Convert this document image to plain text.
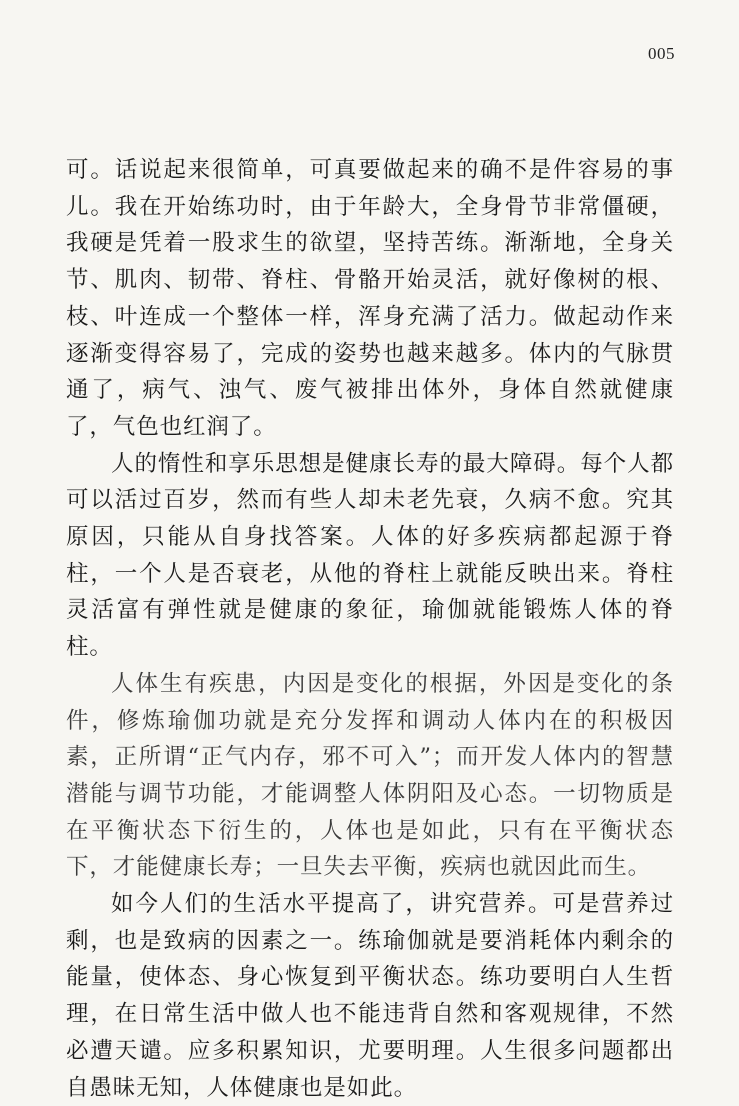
005

可。话说起来很简单，可真要做起来的确不是件容易的事儿。我在开始练功时，由于年龄大，全身骨节非常僵硬，我硬是凭着一股求生的欲望，坚持苦练。渐渐地，全身关节、肌肉、韧带、脊柱、骨骼开始灵活，就好像树的根、枝、叶连成一个整体一样，浑身充满了活力。做起动作来逐渐变得容易了，完成的姿势也越来越多。体内的气脉贯通了，病气、浊气、废气被排出体外，身体自然就健康了，气色也红润了。

人的惰性和享乐思想是健康长寿的最大障碍。每个人都可以活过百岁，然而有些人却未老先衰，久病不愈。究其原因，只能从自身找答案。人体的好多疾病都起源于脊柱，一个人是否衰老，从他的脊柱上就能反映出来。脊柱灵活富有弹性就是健康的象征，瑜伽就能锻炼人体的脊柱。

人体生有疾患，内因是变化的根据，外因是变化的条件，修炼瑜伽功就是充分发挥和调动人体内在的积极因素，正所谓“正气内存，邪不可入”；而开发人体内的智慧潜能与调节功能，才能调整人体阴阳及心态。一切物质是在平衡状态下衍生的，人体也是如此，只有在平衡状态下，才能健康长寿；一旦失去平衡，疾病也就因此而生。

如今人们的生活水平提高了，讲究营养。可是营养过剩，也是致病的因素之一。练瑜伽就是要消耗体内剩余的能量，使体态、身心恢复到平衡状态。练功要明白人生哲理，在日常生活中做人也不能违背自然和客观规律，不然必遭天谴。应多积累知识，尤要明理。人生很多问题都出自愚昧无知，人体健康也是如此。
